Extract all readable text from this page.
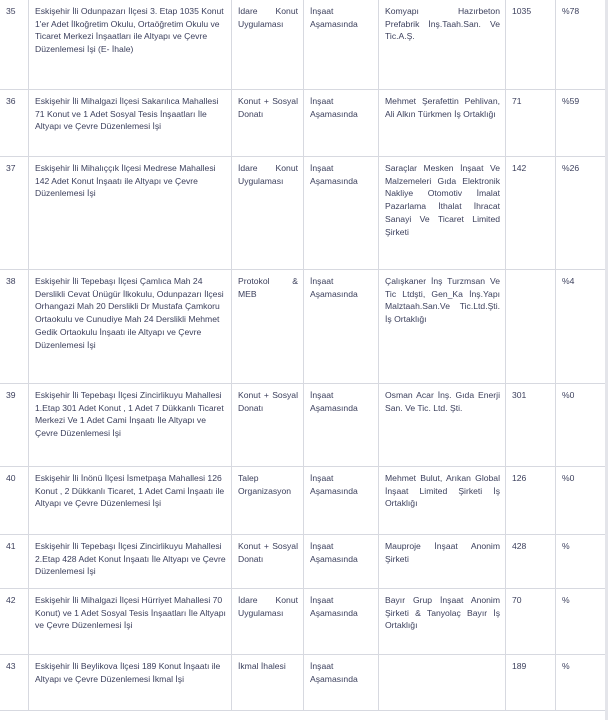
35	Eskişehir İli Odunpazarı İlçesi 3. Etap 1035 Konut 1'er Adet İlkoğretim Okulu, Ortaöğretim Okulu ve Ticaret Merkezi İnşaatları ile Altyapı ve Çevre Düzenlemesi İşi (E- İhale)	İdare Konut Uygulaması	İnşaat Aşamasında	Komyapı Hazırbeton Prefabrik İnş.Taah.San. Ve Tic.A.Ş.	1035	%78
36	Eskişehir İli Mihalgazi İlçesi Sakarılıca Mahallesi 71 Konut ve 1 Adet Sosyal Tesis İnşaatları İle Altyapı ve Çevre Düzenlemesi İşi	Konut + Sosyal Donatı	İnşaat Aşamasında	Mehmet Şerafettin Pehlivan, Ali Alkın Türkmen İş Ortaklığı	71	%59
37	Eskişehir İli Mihalıççık İlçesi Medrese Mahallesi 142 Adet Konut İnşaatı ile Altyapı ve Çevre Düzenlemesi İşi	İdare Konut Uygulaması	İnşaat Aşamasında	Saraçlar Mesken İnşaat Ve Malzemeleri Gıda Elektronik Nakliye Otomotiv İmalat Pazarlama İthalat İhracat Sanayi Ve Ticaret Limited Şirketi	142	%26
38	Eskişehir İli Tepebaşı İlçesi Çamlıca Mah 24 Derslikli Cevat Ünügür İlkokulu, Odunpazarı İlçesi Orhangazi Mah 20 Derslikli Dr Mustafa Çamkoru Ortaokulu ve Cunudiye Mah 24 Derslikli Mehmet Gedik Ortaokulu İnşaatı ile Altyapı ve Çevre Düzenlemesi İşi	Protokol & MEB	İnşaat Aşamasında	Çalışkaner İnş Turzmsan Ve Tic Ltdşti, Gen_Ka İnş.Yapı Malztaah.San.Ve Tic.Ltd.Şti. İş Ortaklığı		%4
39	Eskişehir İli Tepebaşı İlçesi Zincirlikuyu Mahallesi 1.Etap 301 Adet Konut , 1 Adet 7 Dükkanlı Ticaret Merkezi Ve 1 Adet Cami İnşaatı İle Altyapı ve Çevre Düzenlemesi İşi	Konut + Sosyal Donatı	İnşaat Aşamasında	Osman Acar İnş. Gıda Enerji San. Ve Tic. Ltd. Şti.	301	%0
40	Eskişehir İli İnönü İlçesi İsmetpaşa Mahallesi 126 Konut , 2 Dükkanlı Ticaret, 1 Adet Cami İnşaatı ile Altyapı ve Çevre Düzenlemesi İşi	Talep Organizasyon	İnşaat Aşamasında	Mehmet Bulut, Arıkan Global İnşaat Limited Şirketi İş Ortaklığı	126	%0
41	Eskişehir İli Tepebaşı İlçesi Zincirlikuyu Mahallesi 2.Etap 428 Adet Konut İnşaatı İle Altyapı ve Çevre Düzenlemesi İşi	Konut + Sosyal Donatı	İnşaat Aşamasında	Mauproje İnşaat Anonim Şirketi	428	%
42	Eskişehir İli Mihalgazi İlçesi Hürriyet Mahallesi 70 Konut) ve 1 Adet Sosyal Tesis İnşaatları İle Altyapı ve Çevre Düzenlemesi İşi	İdare Konut Uygulaması	İnşaat Aşamasında	Bayır Grup İnşaat Anonim Şirketi & Tanyolaç Bayır İş Ortaklığı	70	%
43	Eskişehir İli Beylikova İlçesi 189 Konut İnşaatı ile Altyapı ve Çevre Düzenlemesi İkmal İşi	İkmal İhalesi	İnşaat Aşamasında		189	%
